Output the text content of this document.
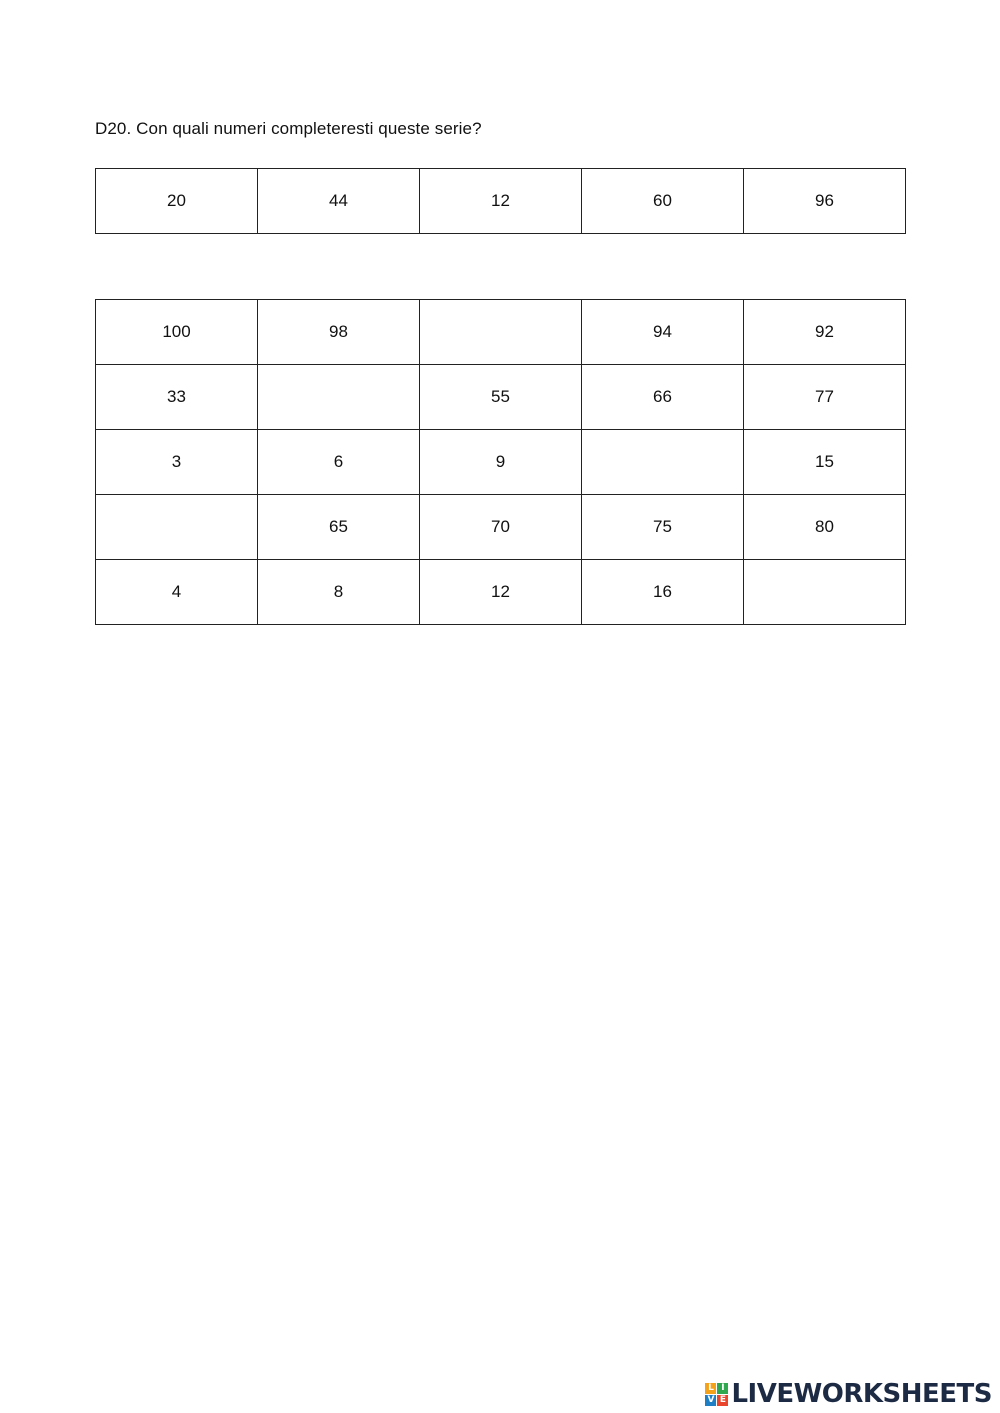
D20. Con quali numeri completeresti queste serie?
20	44	12	60	96
100	98		94	92
33		55	66	77
3	6	9		15
	65	70	75	80
4	8	12	16	
L I
V E LIVEWORKSHEETS
